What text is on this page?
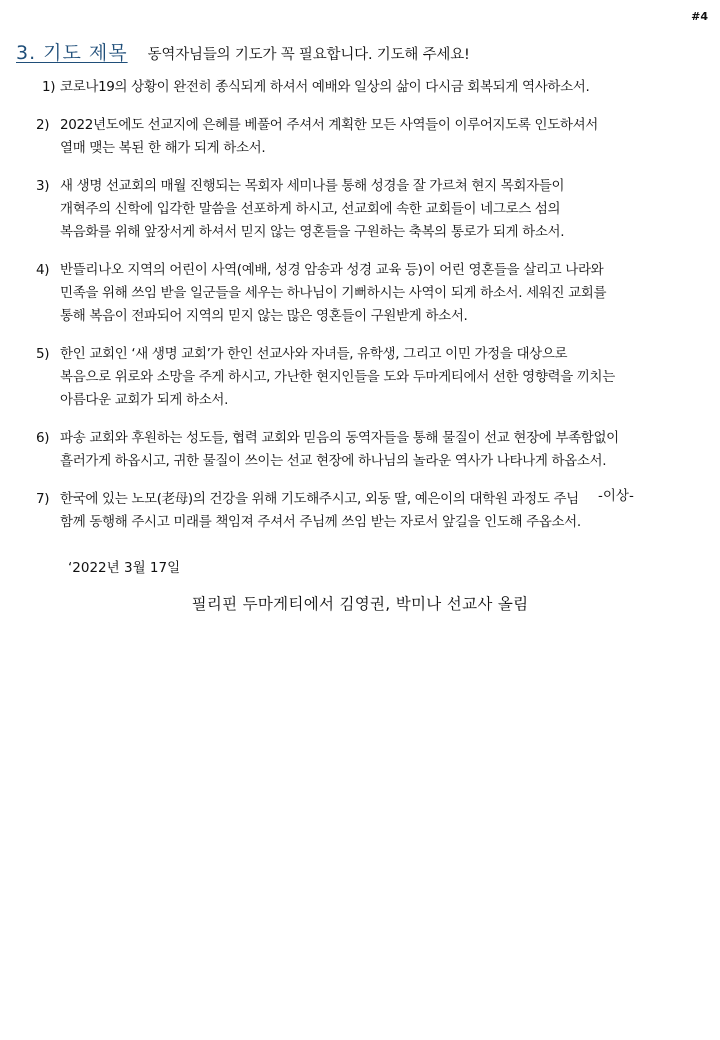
#4
3. 기도 제목 동역자님들의 기도가 꼭 필요합니다. 기도해 주세요!
1) 코로나19의 상황이 완전히 종식되게 하셔서 예배와 일상의 삶이 다시금 회복되게 역사하소서.
2) 2022년도에도 선교지에 은혜를 베풀어 주셔서 계획한 모든 사역들이 이루어지도록 인도하셔서
열매 맺는 복된 한 해가 되게 하소서.
3) 새 생명 선교회의 매월 진행되는 목회자 세미나를 통해 성경을 잘 가르쳐 현지 목회자들이
개혁주의 신학에 입각한 말씀을 선포하게 하시고, 선교회에 속한 교회들이 네그로스 섬의
복음화를 위해 앞장서게 하셔서 믿지 않는 영혼들을 구원하는 축복의 통로가 되게 하소서.
4) 반뜰리나오 지역의 어린이 사역(예배, 성경 암송과 성경 교육 등)이 어린 영혼들을 살리고 나라와
민족을 위해 쓰임 받을 일군들을 세우는 하나님이 기뻐하시는 사역이 되게 하소서. 세워진 교회를
통해 복음이 전파되어 지역의 믿지 않는 많은 영혼들이 구원받게 하소서.
5) 한인 교회인 ‘새 생명 교회’가 한인 선교사와 자녀들, 유학생, 그리고 이민 가정을 대상으로
복음으로 위로와 소망을 주게 하시고, 가난한 현지인들을 도와 두마게티에서 선한 영향력을 끼치는
아름다운 교회가 되게 하소서.
6) 파송 교회와 후원하는 성도들, 협력 교회와 믿음의 동역자들을 통해 물질이 선교 현장에 부족함없이
흘러가게 하옵시고, 귀한 물질이 쓰이는 선교 현장에 하나님의 놀라운 역사가 나타나게 하옵소서.
7) 한국에 있는 노모(老母)의 건강을 위해 기도해주시고, 외동 딸, 예은이의 대학원 과정도 주님
함께 동행해 주시고 미래를 책임져 주셔서 주님께 쓰임 받는 자로서 앞길을 인도해 주옵소서.
-이상-
‘2022년 3월 17일
필리핀 두마게티에서 김영권, 박미나 선교사 올림
